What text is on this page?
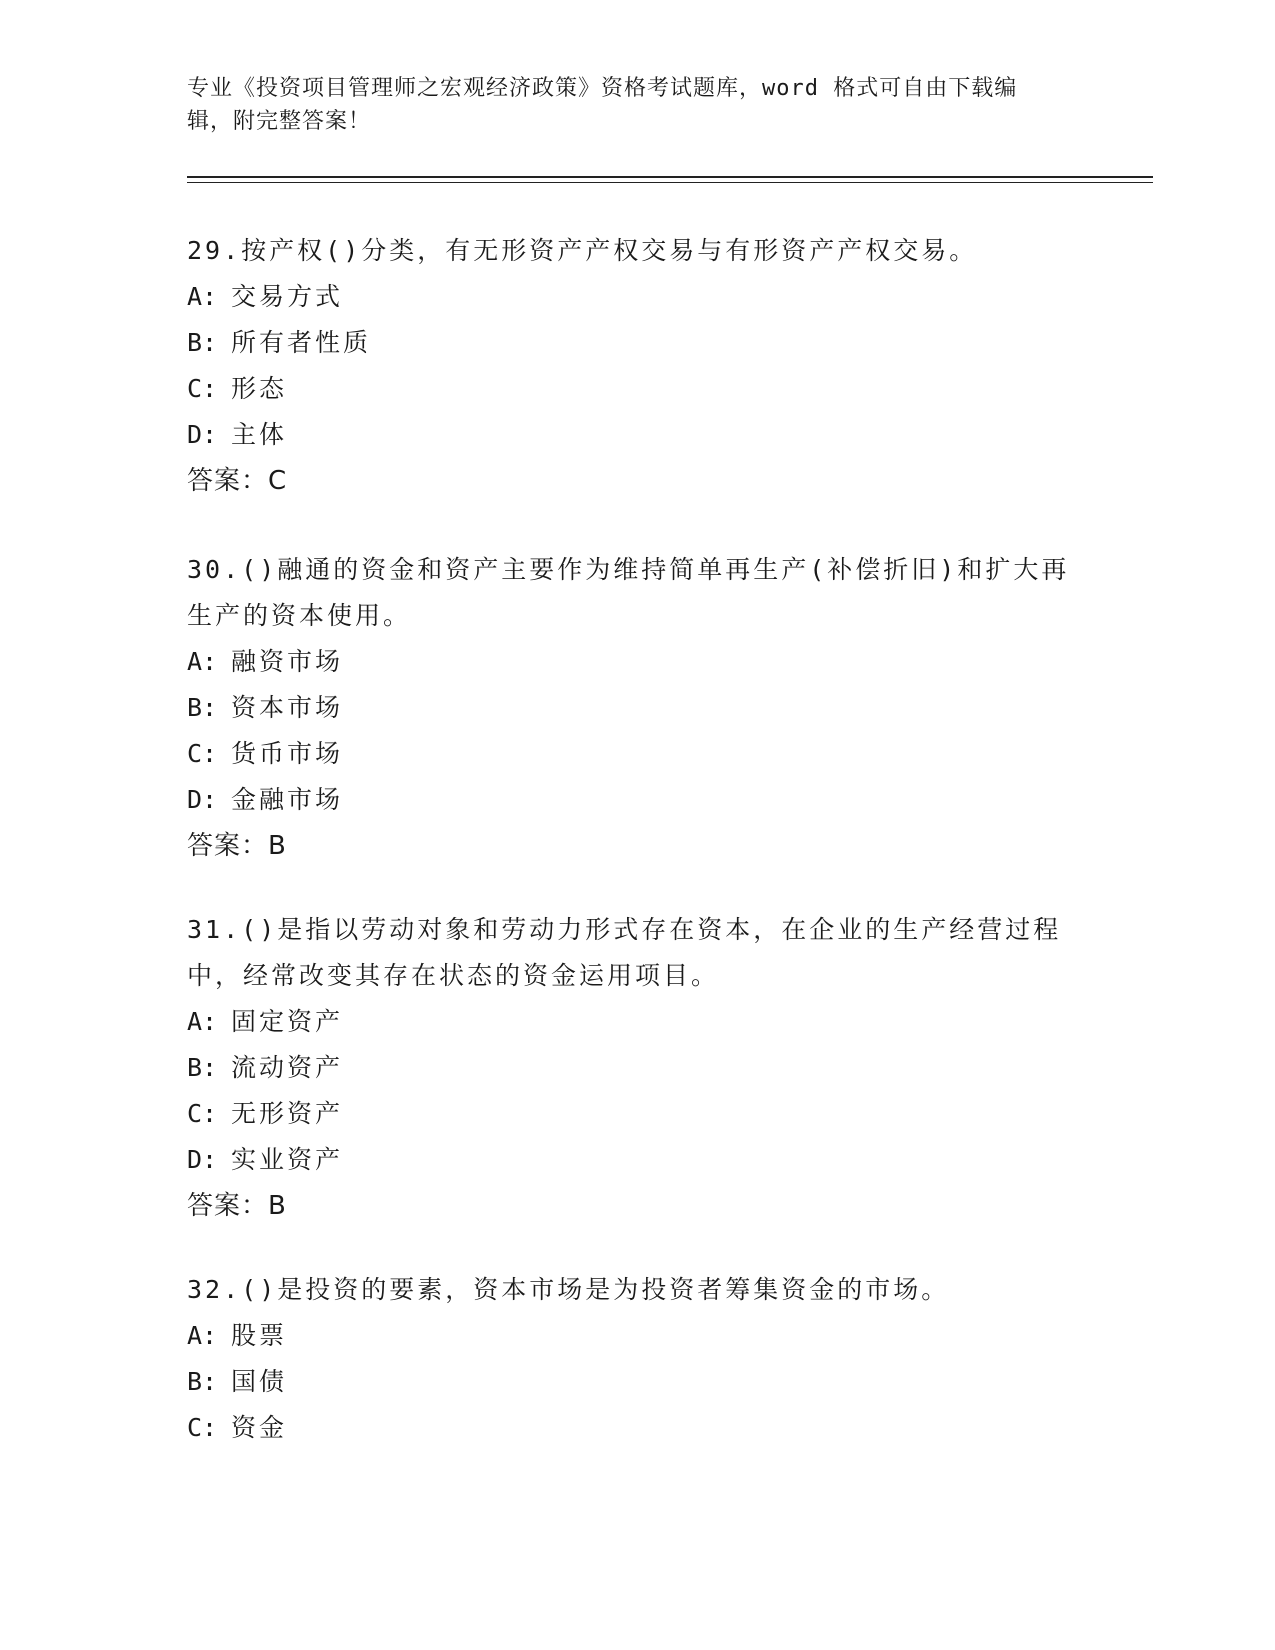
专业《投资项目管理师之宏观经济政策》资格考试题库，word 格式可自由下载编
辑，附完整答案！

29.按产权()分类，有无形资产产权交易与有形资产产权交易。

A: 交易方式

B: 所有者性质

C: 形态

D: 主体

答案：C

30.()融通的资金和资产主要作为维持简单再生产(补偿折旧)和扩大再

生产的资本使用。

A: 融资市场

B: 资本市场

C: 货币市场

D: 金融市场

答案：B

31.()是指以劳动对象和劳动力形式存在资本，在企业的生产经营过程

中，经常改变其存在状态的资金运用项目。

A: 固定资产

B: 流动资产

C: 无形资产

D: 实业资产

答案：B

32.()是投资的要素，资本市场是为投资者筹集资金的市场。

A: 股票

B: 国债

C: 资金
